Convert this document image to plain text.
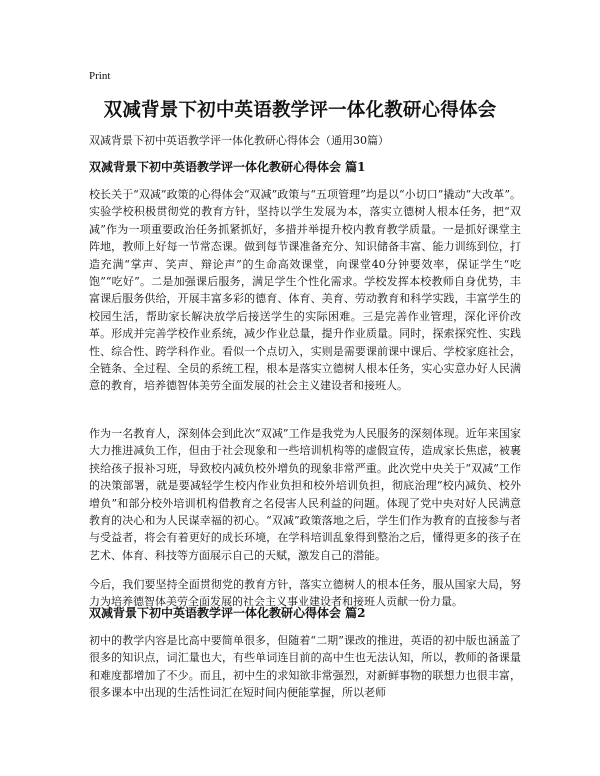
Print
双减背景下初中英语教学评一体化教研心得体会
双减背景下初中英语教学评一体化教研心得体会（通用30篇）
双减背景下初中英语教学评一体化教研心得体会 篇1
校长关于“双减”政策的心得体会“双减”政策与“五项管理”均是以“小切口”撬动“大改革”。实验学校积极贯彻党的教育方针，坚持以学生发展为本，落实立德树人根本任务，把“双减”作为一项重要政治任务抓紧抓好，多措并举提升校内教育教学质量。一是抓好课堂主阵地，教师上好每一节常态课。做到每节课准备充分、知识储备丰富、能力训练到位，打造充满“掌声、笑声、辩论声”的生命高效课堂，向课堂40分钟要效率，保证学生“吃饱”“吃好”。二是加强课后服务，满足学生个性化需求。学校发挥本校教师自身优势，丰富课后服务供给，开展丰富多彩的德育、体育、美育、劳动教育和科学实践，丰富学生的校园生活，帮助家长解决放学后接送学生的实际困难。三是完善作业管理，深化评价改革。形成并完善学校作业系统，减少作业总量，提升作业质量。同时，探索探究性、实践性、综合性、跨学科作业。看似一个点切入，实则是需要课前课中课后、学校家庭社会，全链条、全过程、全员的系统工程，根本是落实立德树人根本任务，实心实意办好人民满意的教育，培养德智体美劳全面发展的社会主义建设者和接班人。
作为一名教育人，深刻体会到此次“双减”工作是我党为人民服务的深刻体现。近年来国家大力推进减负工作，但由于社会现象和一些培训机构等的虚假宣传，造成家长焦虑，被裹挟给孩子报补习班，导致校内减负校外增负的现象非常严重。此次党中央关于“双减”工作的决策部署，就是要减轻学生校内作业负担和校外培训负担，彻底治理“校内减负、校外增负”和部分校外培训机构借教育之名侵害人民利益的问题。体现了党中央对好人民满意教育的决心和为人民谋幸福的初心。“双减”政策落地之后，学生们作为教育的直接参与者与受益者，将会有着更好的成长环境，在学科培训乱象得到整治之后，懂得更多的孩子在艺术、体育、科技等方面展示自己的天赋，激发自己的潜能。
今后，我们要坚持全面贯彻党的教育方针，落实立德树人的根本任务，服从国家大局，努力为培养德智体美劳全面发展的社会主义事业建设者和接班人贡献一份力量。
双减背景下初中英语教学评一体化教研心得体会 篇2
初中的教学内容是比高中要简单很多，但随着“二期”课改的推进，英语的初中版也涵盖了很多的知识点，词汇量也大，有些单词连目前的高中生也无法认知，所以，教师的备课量和难度都增加了不少。而且，初中生的求知欲非常强烈，对新鲜事物的联想力也很丰富，很多课本中出现的生活性词汇在短时间内便能掌握，所以老师
